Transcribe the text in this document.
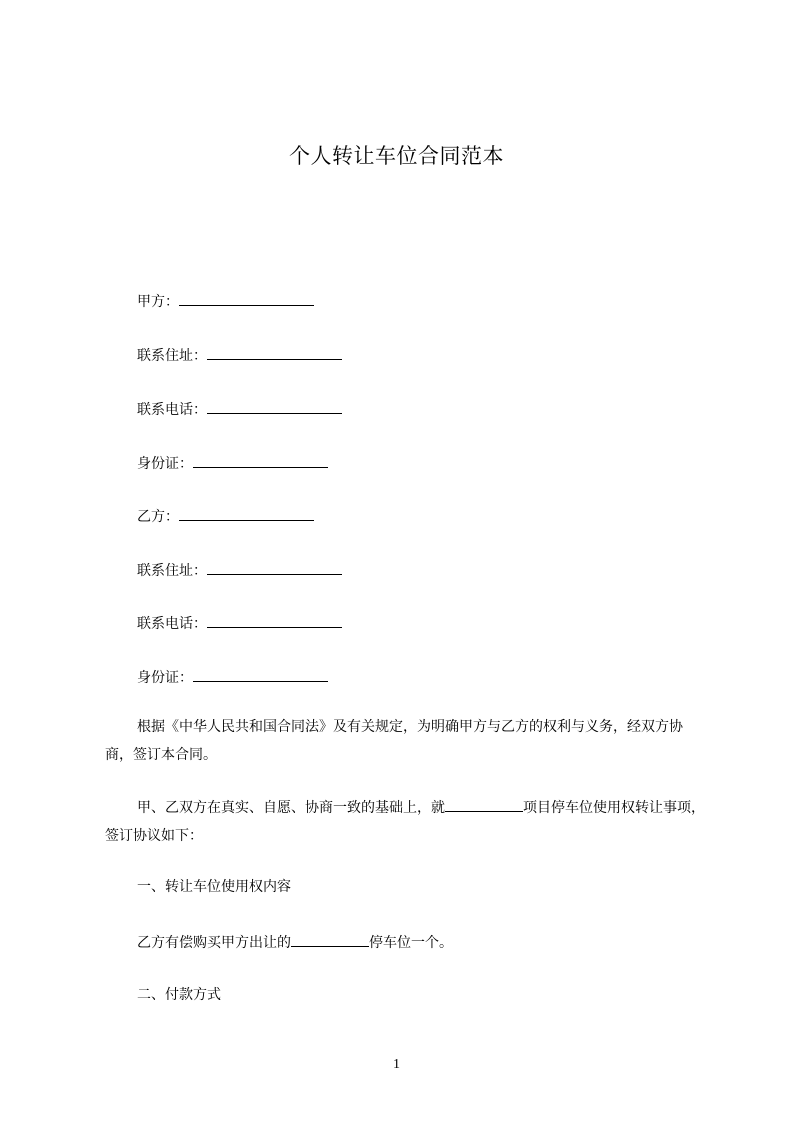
个人转让车位合同范本
甲方：
联系住址：
联系电话：
身份证：
乙方：
联系住址：
联系电话：
身份证：
根据《中华人民共和国合同法》及有关规定，为明确甲方与乙方的权利与义务，经双方协商，签订本合同。
甲、乙双方在真实、自愿、协商一致的基础上，就	项目停车位使用权转让事项，签订协议如下：
一、转让车位使用权内容
乙方有偿购买甲方出让的	停车位一个。
二、付款方式
1
